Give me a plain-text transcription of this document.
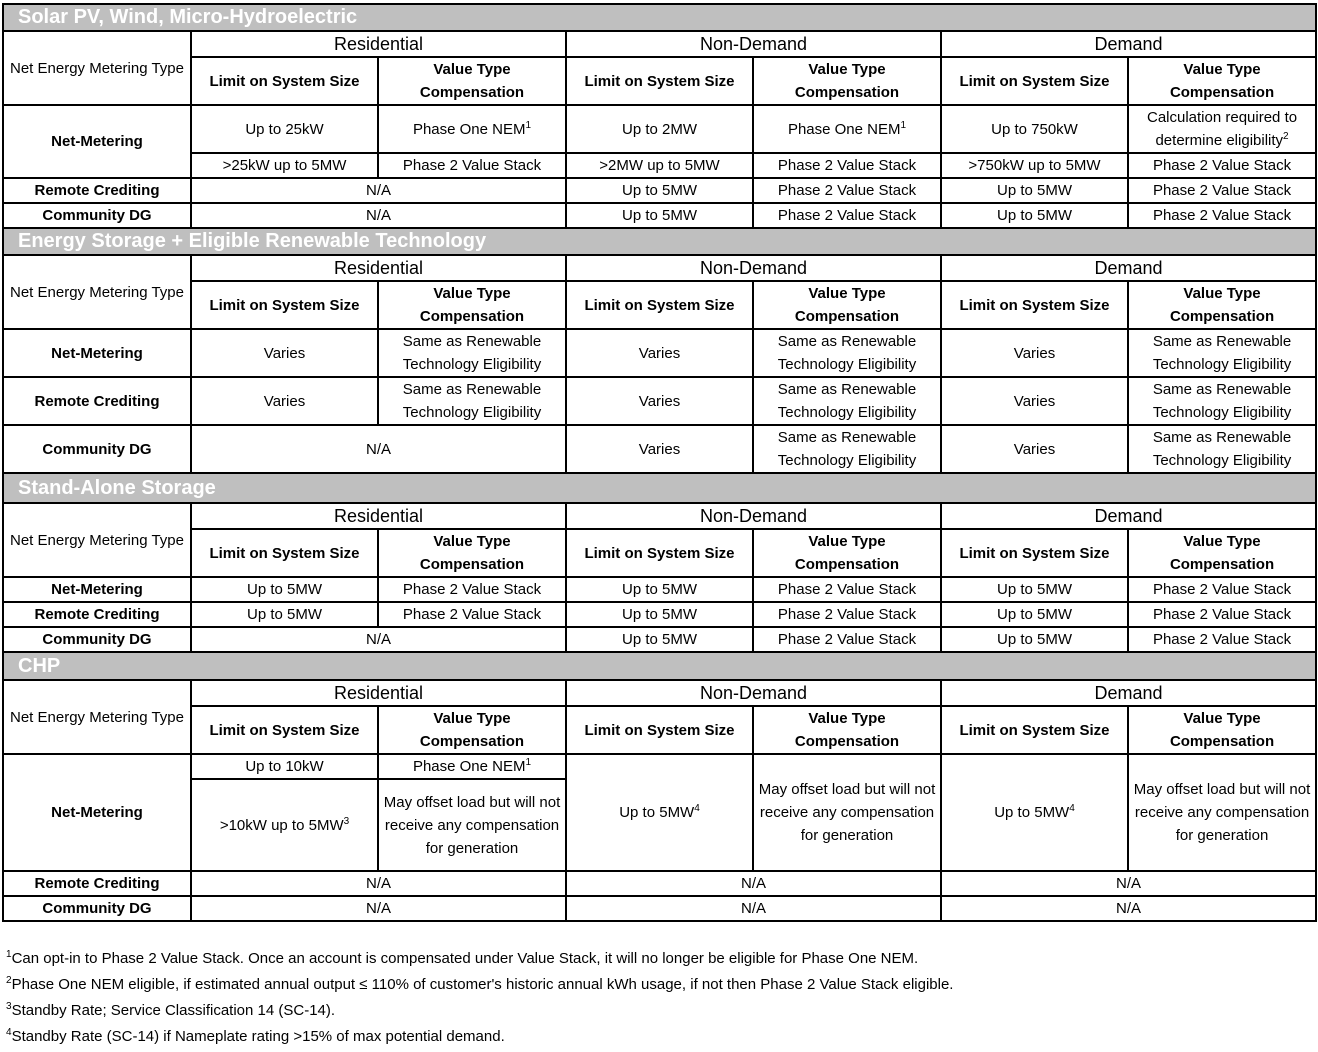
Solar PV, Wind, Micro-Hydroelectric						
Net Energy Metering Type	Residential		Non-Demand		Demand	
	Limit on System Size	Value Type Compensation	Limit on System Size	Value Type Compensation	Limit on System Size	Value Type Compensation
Net-Metering	Up to 25kW	Phase One NEM$^1$	Up to 2MW	Phase One NEM$^1$	Up to 750kW	Calculation required to determine eligibility$^2$
	>25kW up to 5MW	Phase 2 Value Stack	>2MW up to 5MW	Phase 2 Value Stack	>750kW up to 5MW	Phase 2 Value Stack
Remote Crediting	N/A		Up to 5MW	Phase 2 Value Stack	Up to 5MW	Phase 2 Value Stack
Community DG	N/A		Up to 5MW	Phase 2 Value Stack	Up to 5MW	Phase 2 Value Stack
Energy Storage + Eligible Renewable Technology						
Net Energy Metering Type	Residential		Non-Demand		Demand	
	Limit on System Size	Value Type Compensation	Limit on System Size	Value Type Compensation	Limit on System Size	Value Type Compensation
Net-Metering	Varies	Same as Renewable Technology Eligibility	Varies	Same as Renewable Technology Eligibility	Varies	Same as Renewable Technology Eligibility
Remote Crediting	Varies	Same as Renewable Technology Eligibility	Varies	Same as Renewable Technology Eligibility	Varies	Same as Renewable Technology Eligibility
Community DG	N/A		Varies	Same as Renewable Technology Eligibility	Varies	Same as Renewable Technology Eligibility
Stand-Alone Storage						
Net Energy Metering Type	Residential		Non-Demand		Demand	
	Limit on System Size	Value Type Compensation	Limit on System Size	Value Type Compensation	Limit on System Size	Value Type Compensation
Net-Metering	Up to 5MW	Phase 2 Value Stack	Up to 5MW	Phase 2 Value Stack	Up to 5MW	Phase 2 Value Stack
Remote Crediting	Up to 5MW	Phase 2 Value Stack	Up to 5MW	Phase 2 Value Stack	Up to 5MW	Phase 2 Value Stack
Community DG	N/A		Up to 5MW	Phase 2 Value Stack	Up to 5MW	Phase 2 Value Stack
CHP						
Net Energy Metering Type	Residential		Non-Demand		Demand	
	Limit on System Size	Value Type Compensation	Limit on System Size	Value Type Compensation	Limit on System Size	Value Type Compensation
Net-Metering	Up to 10kW	Phase One NEM$^1$	Up to $5MW^4$	May offset load but will not receive any compensation for generation	Up to $5MW^4$	May offset load but will not receive any compensation for generation
	>10kW up to $5MW^3$	May offset load but will not receive any compensation for generation				
Remote Crediting	N/A		N/A		N/A	
Community DG	N/A		N/A		N/A	
$^1$Can opt-in to Phase 2 Value Stack. Once an account is compensated under Value Stack, it will no longer be eligible for Phase One NEM.
$^2$Phase One NEM eligible, if estimated annual output ≤ 110% of customer's historic annual kWh usage, if not then Phase 2 Value Stack eligible.
$^3$Standby Rate; Service Classification 14 (SC-14).
$^4$Standby Rate (SC-14) if Nameplate rating >15% of max potential demand.
